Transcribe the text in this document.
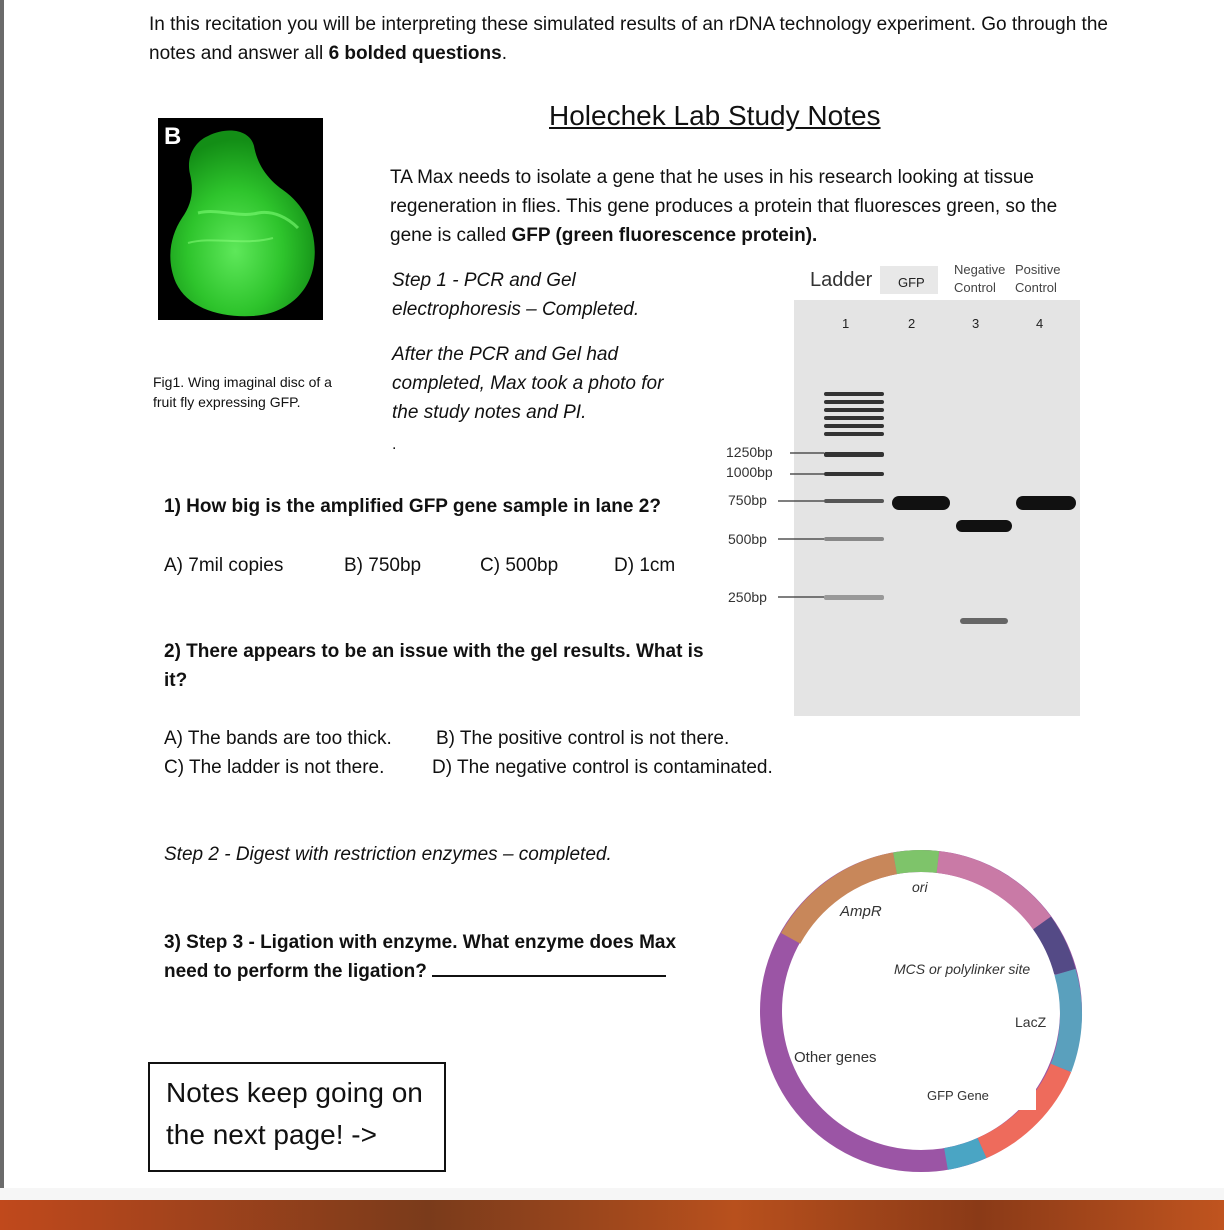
In this recitation you will be interpreting these simulated results of an rDNA technology experiment. Go through the notes and answer all 6 bolded questions.
Holechek Lab Study Notes
B
Fig1. Wing imaginal disc of a fruit fly expressing GFP.
TA Max needs to isolate a gene that he uses in his research looking at tissue regeneration in flies. This gene produces a protein that fluoresces green, so the gene is called GFP (green fluorescence protein).
Step 1 - PCR and Gel electrophoresis – Completed.
After the PCR and Gel had completed, Max took a photo for the study notes and PI.
.
Ladder GFP
Negative Control
Positive Control
1	2	3	4
1250bp
1000bp
750bp
500bp
250bp
1) How big is the amplified GFP gene sample in lane 2?
A) 7mil copies	B) 750bp	C) 500bp	D) 1cm
2) There appears to be an issue with the gel results. What is it?
A) The bands are too thick. B) The positive control is not there.
C) The ladder is not there.	D) The negative control is contaminated.
Step 2 - Digest with restriction enzymes – completed.
3) Step 3 - Ligation with enzyme. What enzyme does Max need to perform the ligation?
Notes keep going on the next page! ->
ori
AmpR
MCS or polylinker site
LacZ
Other genes
GFP Gene
